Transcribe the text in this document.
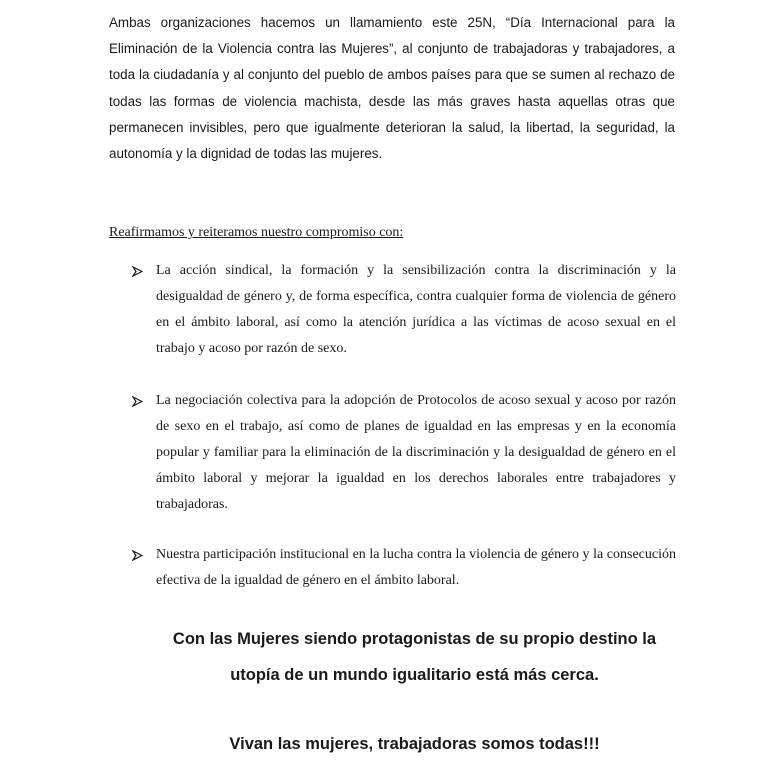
Ambas organizaciones hacemos un llamamiento este 25N, “Día Internacional para la Eliminación de la Violencia contra las Mujeres”, al conjunto de trabajadoras y trabajadores, a toda la ciudadanía y al conjunto del pueblo de ambos países para que se sumen al rechazo de todas las formas de violencia machista, desde las más graves hasta aquellas otras que permanecen invisibles, pero que igualmente deterioran la salud, la libertad, la seguridad, la autonomía y la dignidad de todas las mujeres.

Reafirmamos y reiteramos nuestro compromiso con:

La acción sindical, la formación y la sensibilización contra la discriminación y la desigualdad de género y, de forma específica, contra cualquier forma de violencia de género en el ámbito laboral, así como la atención jurídica a las víctimas de acoso sexual en el trabajo y acoso por razón de sexo.

La negociación colectiva para la adopción de Protocolos de acoso sexual y acoso por razón de sexo en el trabajo, así como de planes de igualdad en las empresas y en la economía popular y familiar para la eliminación de la discriminación y la desigualdad de género en el ámbito laboral y mejorar la igualdad en los derechos laborales entre trabajadores y trabajadoras.

Nuestra participación institucional en la lucha contra la violencia de género y la consecución efectiva de la igualdad de género en el ámbito laboral.

Con las Mujeres siendo protagonistas de su propio destino la

utopía de un mundo igualitario está más cerca.

Vivan las mujeres, trabajadoras somos todas!!!
